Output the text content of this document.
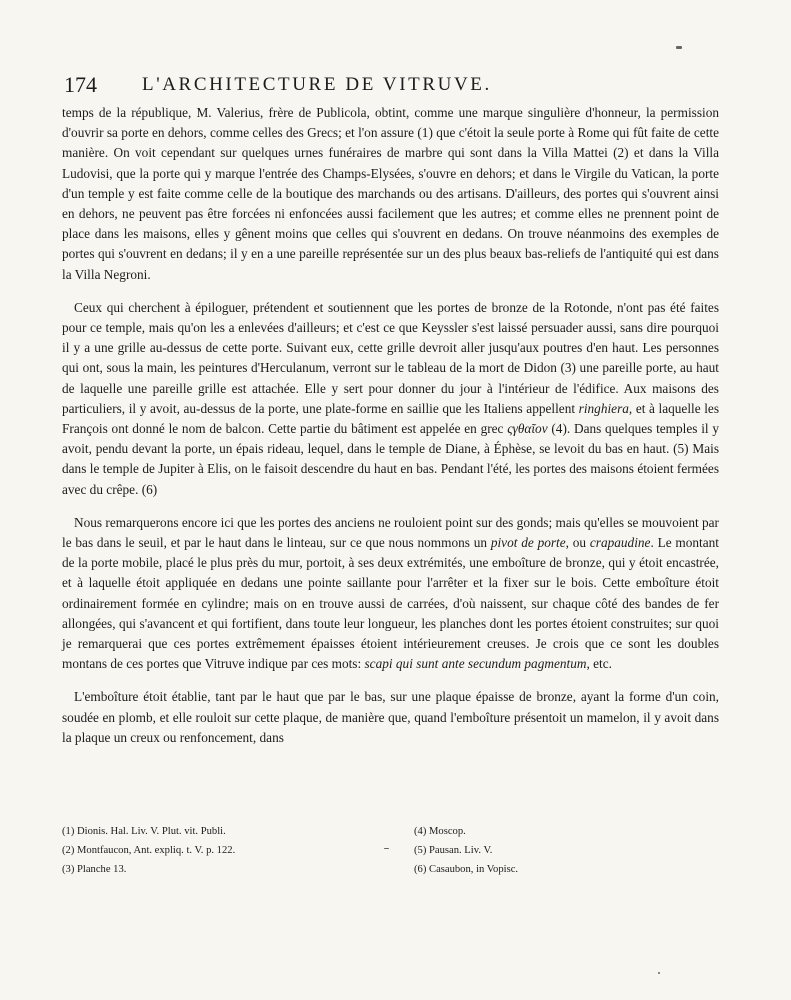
174 L'ARCHITECTURE DE VITRUVE.

temps de la république, M. Valerius, frère de Publicola, obtint, comme une marque singulière d'honneur, la permission d'ouvrir sa porte en dehors, comme celles des Grecs; et l'on assure (1) que c'étoit la seule porte à Rome qui fût faite de cette manière. On voit cependant sur quelques urnes funéraires de marbre qui sont dans la Villa Mattei (2) et dans la Villa Ludovisi, que la porte qui y marque l'entrée des Champs-Elysées, s'ouvre en dehors; et dans le Virgile du Vatican, la porte d'un temple y est faite comme celle de la boutique des marchands ou des artisans. D'ailleurs, des portes qui s'ouvrent ainsi en dehors, ne peuvent pas être forcées ni enfoncées aussi facilement que les autres; et comme elles ne prennent point de place dans les maisons, elles y gênent moins que celles qui s'ouvrent en dedans. On trouve néanmoins des exemples de portes qui s'ouvrent en dedans; il y en a une pareille représentée sur un des plus beaux bas-reliefs de l'antiquité qui est dans la Villa Negroni.

Ceux qui cherchent à épiloguer, prétendent et soutiennent que les portes de bronze de la Rotonde, n'ont pas été faites pour ce temple, mais qu'on les a enlevées d'ailleurs; et c'est ce que Keyssler s'est laissé persuader aussi, sans dire pourquoi il y a une grille au-dessus de cette porte. Suivant eux, cette grille devroit aller jusqu'aux poutres d'en haut. Les personnes qui ont, sous la main, les peintures d'Herculanum, verront sur le tableau de la mort de Didon (3) une pareille porte, au haut de laquelle une pareille grille est attachée. Elle y sert pour donner du jour à l'intérieur de l'édifice. Aux maisons des particuliers, il y avoit, au-dessus de la porte, une plate-forme en saillie que les Italiens appellent ringhiera, et à laquelle les François ont donné le nom de balcon. Cette partie du bâtiment est appelée en grec ςγθαῖον (4). Dans quelques temples il y avoit, pendu devant la porte, un épais rideau, lequel, dans le temple de Diane, à Éphèse, se levoit du bas en haut. (5) Mais dans le temple de Jupiter à Elis, on le faisoit descendre du haut en bas. Pendant l'été, les portes des maisons étoient fermées avec du crêpe. (6)

Nous remarquerons encore ici que les portes des anciens ne rouloient point sur des gonds; mais qu'elles se mouvoient par le bas dans le seuil, et par le haut dans le linteau, sur ce que nous nommons un pivot de porte, ou crapaudine. Le montant de la porte mobile, placé le plus près du mur, portoit, à ses deux extrémités, une emboîture de bronze, qui y étoit encastrée, et à laquelle étoit appliquée en dedans une pointe saillante pour l'arrêter et la fixer sur le bois. Cette emboîture étoit ordinairement formée en cylindre; mais on en trouve aussi de carrées, d'où naissent, sur chaque côté des bandes de fer allongées, qui s'avancent et qui fortifient, dans toute leur longueur, les planches dont les portes étoient construites; sur quoi je remarquerai que ces portes extrêmement épaisses étoient intérieurement creuses. Je crois que ce sont les doubles montans de ces portes que Vitruve indique par ces mots: scapi qui sunt ante secundum pagmentum, etc.

L'emboîture étoit établie, tant par le haut que par le bas, sur une plaque épaisse de bronze, ayant la forme d'un coin, soudée en plomb, et elle rouloit sur cette plaque, de manière que, quand l'emboîture présentoit un mamelon, il y avoit dans la plaque un creux ou renfoncement, dans

(1) Dionis. Hal. Liv. V. Plut. vit. Publi.
(2) Montfaucon, Ant. expliq. t. V. p. 122.
(3) Planche 13.
(4) Moscop.
(5) Pausan. Liv. V.
(6) Casaubon, in Vopisc.
